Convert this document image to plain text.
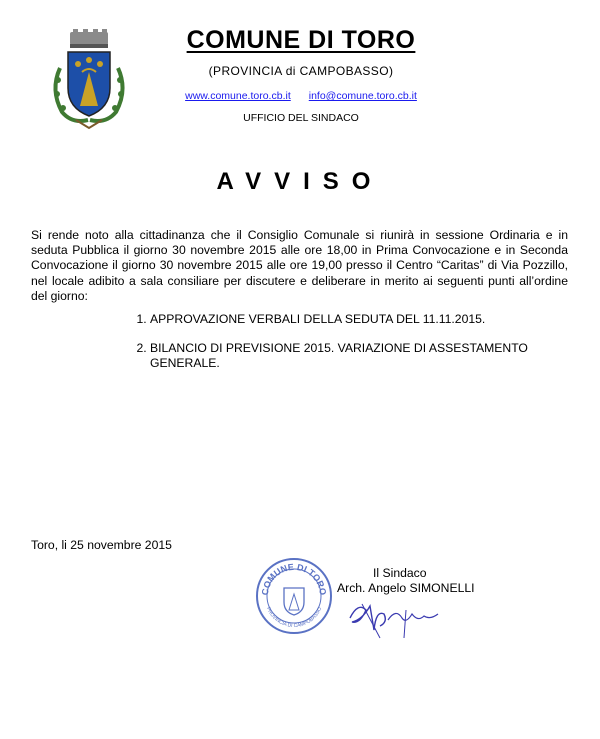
COMUNE DI TORO
(PROVINCIA di CAMPOBASSO)
www.comune.toro.cb.it info@comune.toro.cb.it
UFFICIO DEL SINDACO
AVVISO

Si rende noto alla cittadinanza che il Consiglio Comunale si riunirà in sessione Ordinaria e in seduta Pubblica il giorno 30 novembre 2015 alle ore 18,00 in Prima Convocazione e in Seconda Convocazione il giorno 30 novembre 2015 alle ore 19,00 presso il Centro “Caritas” di Via Pozzillo, nel locale adibito a sala consiliare per discutere e deliberare in merito ai seguenti punti all’ordine del giorno:

1. APPROVAZIONE VERBALI DELLA SEDUTA DEL 11.11.2015.
2. BILANCIO DI PREVISIONE 2015. VARIAZIONE DI ASSESTAMENTO GENERALE.
Toro, li 25 novembre 2015
COMUNE DI TORO
PROVINCIA DI CAMPOBASSO
Il Sindaco
Arch. Angelo SIMONELLI
